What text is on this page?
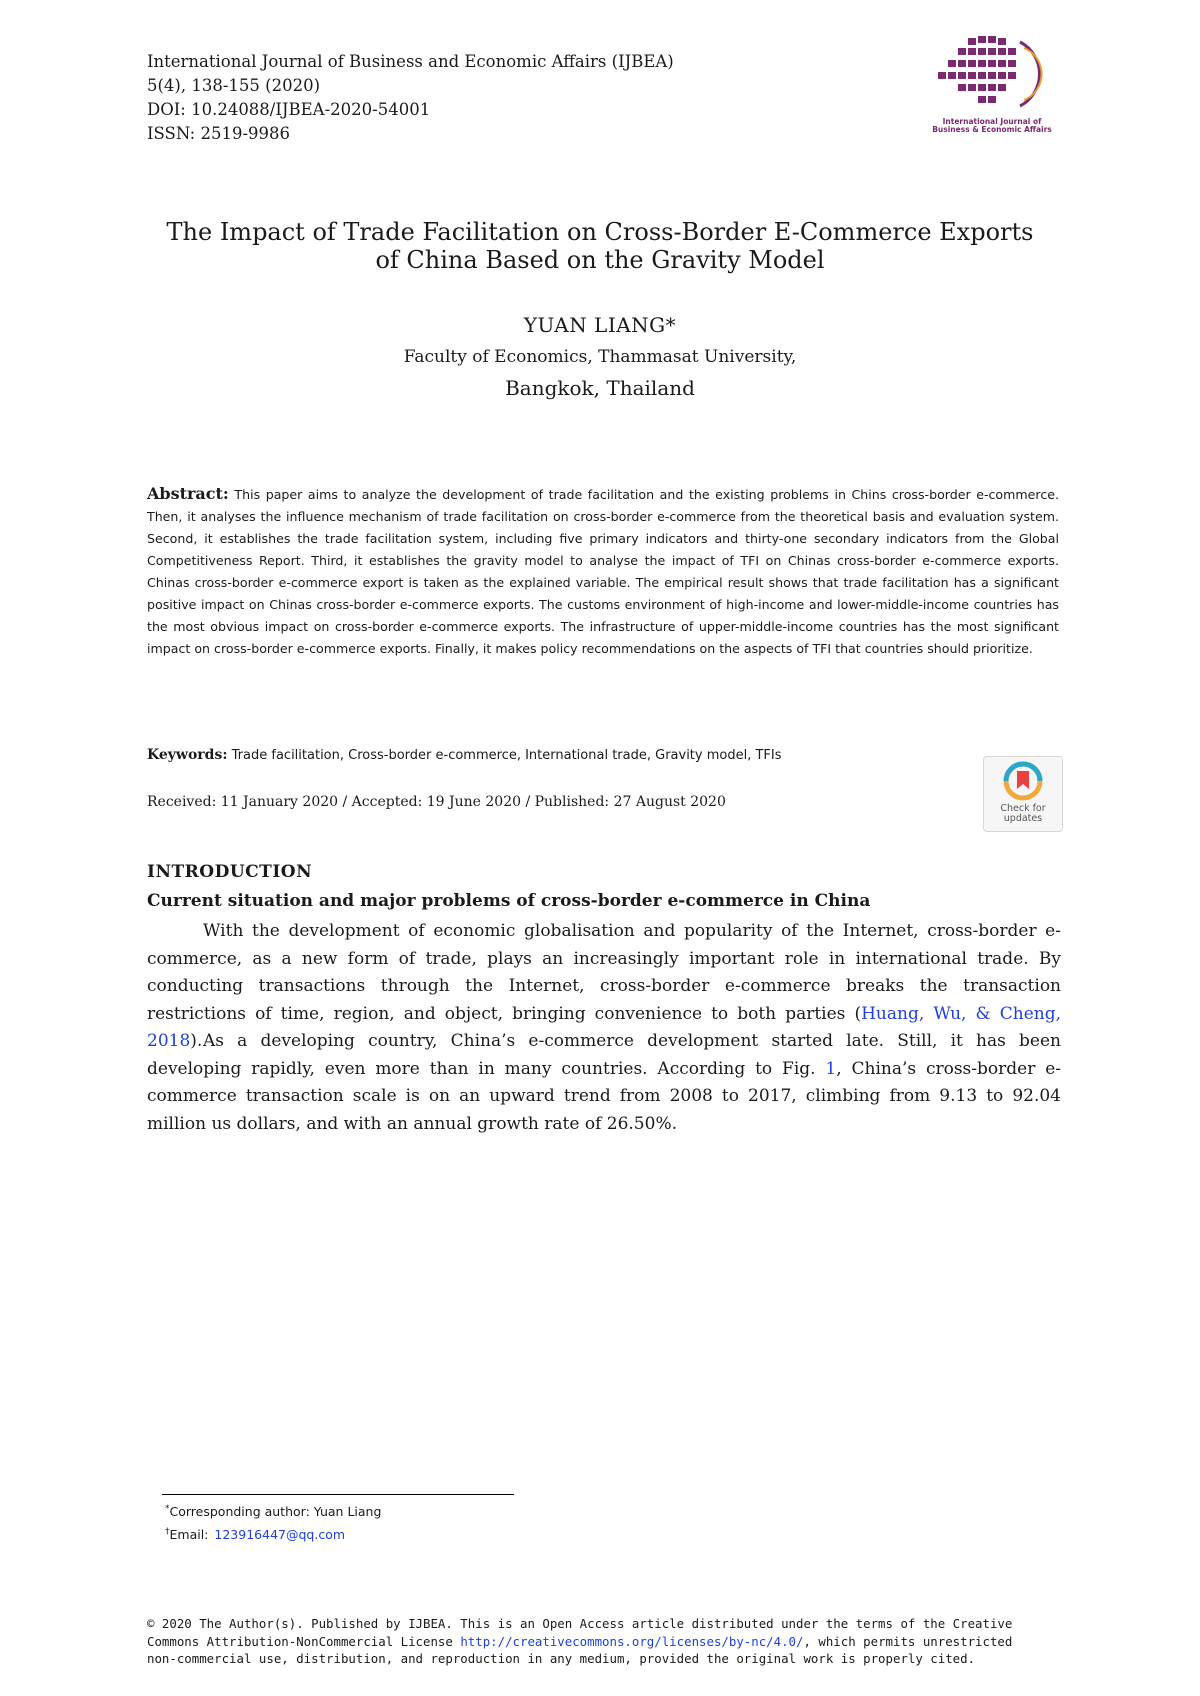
International Journal of Business and Economic Affairs (IJBEA)
5(4), 138-155 (2020)
DOI: 10.24088/IJBEA-2020-54001
ISSN: 2519-9986
International Journal of
Business & Economic Affairs
The Impact of Trade Facilitation on Cross-Border E-Commerce Exports
of China Based on the Gravity Model
YUAN LIANG*
Faculty of Economics, Thammasat University,
Bangkok, Thailand
Abstract: This paper aims to analyze the development of trade facilitation and the existing problems in Chins cross-border e-commerce. Then, it analyses the influence mechanism of trade facilitation on cross-border e-commerce from the theoretical basis and evaluation system. Second, it establishes the trade facilitation system, including five primary indicators and thirty-one secondary indicators from the Global Competitiveness Report. Third, it establishes the gravity model to analyse the impact of TFI on Chinas cross-border e-commerce exports. Chinas cross-border e-commerce export is taken as the explained variable. The empirical result shows that trade facilitation has a significant positive impact on Chinas cross-border e-commerce exports. The customs environment of high-income and lower-middle-income countries has the most obvious impact on cross-border e-commerce exports. The infrastructure of upper-middle-income countries has the most significant impact on cross-border e-commerce exports. Finally, it makes policy recommendations on the aspects of TFI that countries should prioritize.
Keywords: Trade facilitation, Cross-border e-commerce, International trade, Gravity model, TFIs
Received: 11 January 2020 / Accepted: 19 June 2020 / Published: 27 August 2020	Check for
updates
INTRODUCTION
Current situation and major problems of cross-border e-commerce in China
With the development of economic globalisation and popularity of the Internet, cross-border e-commerce, as a new form of trade, plays an increasingly important role in international trade. By conducting transactions through the Internet, cross-border e-commerce breaks the transaction restrictions of time, region, and object, bringing convenience to both parties (Huang, Wu, & Cheng, 2018). As a developing country, China’s e-commerce development started late. Still, it has been developing rapidly, even more than in many countries. According to Fig. 1, China’s cross-border e-commerce transaction scale is on an upward trend from 2008 to 2017, climbing from 9.13 to 92.04 million us dollars, and with an annual growth rate of 26.50%.
*Corresponding author: Yuan Liang
†Email: 123916447@qq.com
© 2020 The Author(s). Published by IJBEA. This is an Open Access article distributed under the terms of the Creative
Commons Attribution-NonCommercial License http://creativecommons.org/licenses/by-nc/4.0/, which permits unrestricted
non-commercial use, distribution, and reproduction in any medium, provided the original work is properly cited.
